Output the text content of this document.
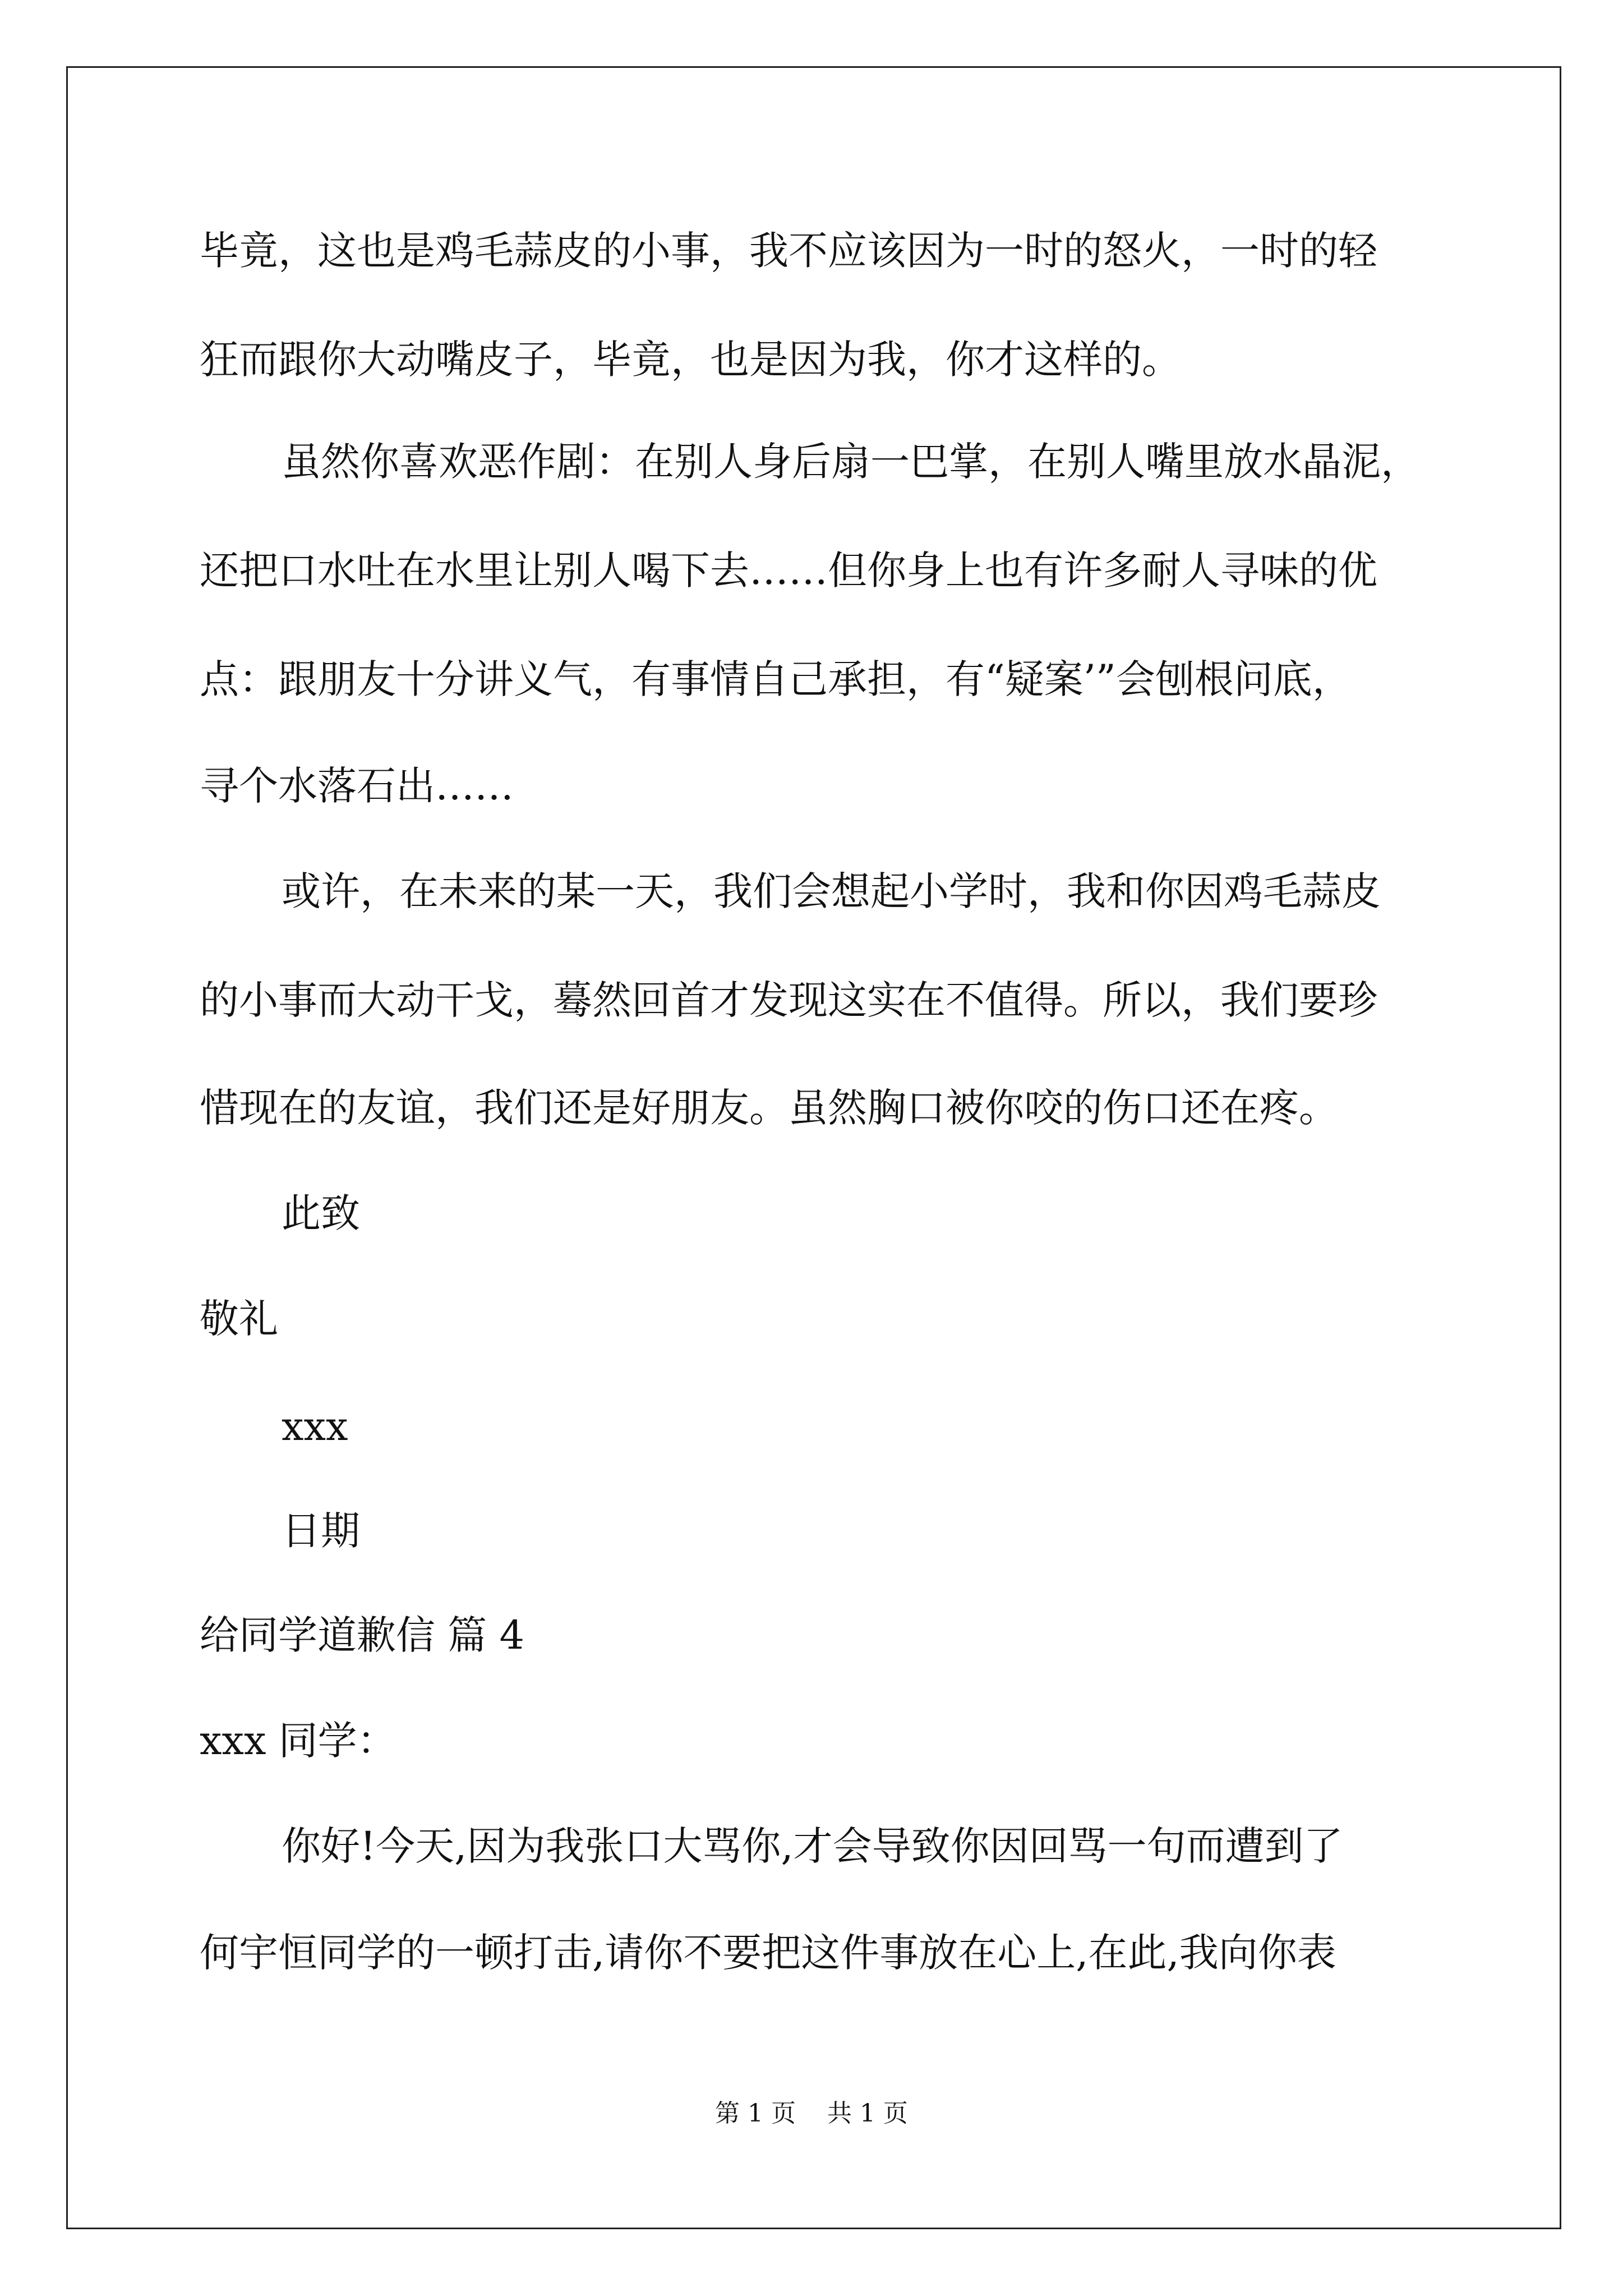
毕竟，这也是鸡毛蒜皮的小事，我不应该因为一时的怒火，一时的轻
狂而跟你大动嘴皮子，毕竟，也是因为我，你才这样的。
虽然你喜欢恶作剧：在别人身后扇一巴掌，在别人嘴里放水晶泥，
还把口水吐在水里让别人喝下去……但你身上也有许多耐人寻味的优
点：跟朋友十分讲义气，有事情自己承担，有“疑案’”会刨根问底，
寻个水落石出……
或许，在未来的某一天，我们会想起小学时，我和你因鸡毛蒜皮
的小事而大动干戈，蓦然回首才发现这实在不值得。所以，我们要珍
惜现在的友谊，我们还是好朋友。虽然胸口被你咬的伤口还在疼。
此致
敬礼
xxx
日期
给同学道歉信 篇 4
xxx 同学：
你好!今天,因为我张口大骂你,才会导致你因回骂一句而遭到了
何宇恒同学的一顿打击,请你不要把这件事放在心上,在此,我向你表
第 1 页    共 1 页
